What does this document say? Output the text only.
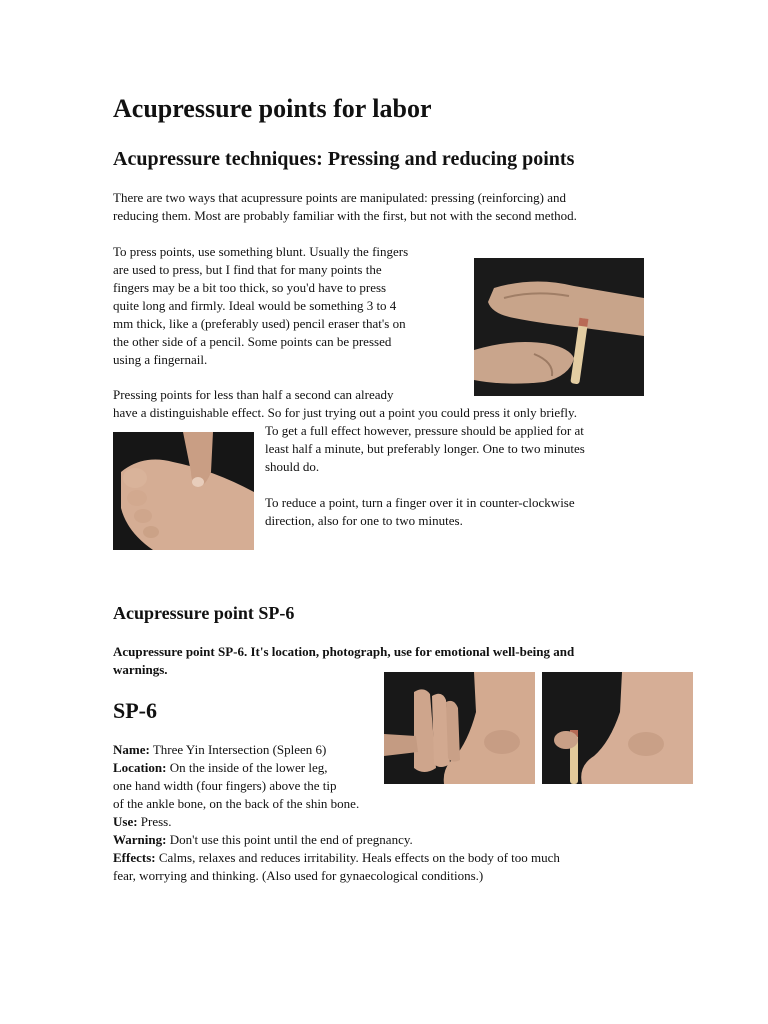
Acupressure points for labor
Acupressure techniques: Pressing and reducing points
There are two ways that acupressure points are manipulated: pressing (reinforcing) and
reducing them. Most are probably familiar with the first, but not with the second method.
To press points, use something blunt. Usually the fingers
are used to press, but I find that for many points the
fingers may be a bit too thick, so you'd have to press
quite long and firmly. Ideal would be something 3 to 4
mm thick, like a (preferably used) pencil eraser that's on
the other side of a pencil. Some points can be pressed
using a fingernail.
Pressing points for less than half a second can already
have a distinguishable effect. So for just trying out a point you could press it only briefly.
To get a full effect however, pressure should be applied for at
least half a minute, but preferably longer. One to two minutes
should do.
To reduce a point, turn a finger over it in counter-clockwise
direction, also for one to two minutes.
Acupressure point SP-6
Acupressure point SP-6. It's location, photograph, use for emotional well-being and
warnings.
SP-6
Name: Three Yin Intersection (Spleen 6)
Location: On the inside of the lower leg,
one hand width (four fingers) above the tip
of the ankle bone, on the back of the shin bone.
Use: Press.
Warning: Don't use this point until the end of pregnancy.
Effects: Calms, relaxes and reduces irritability. Heals effects on the body of too much
fear, worrying and thinking. (Also used for gynaecological conditions.)
